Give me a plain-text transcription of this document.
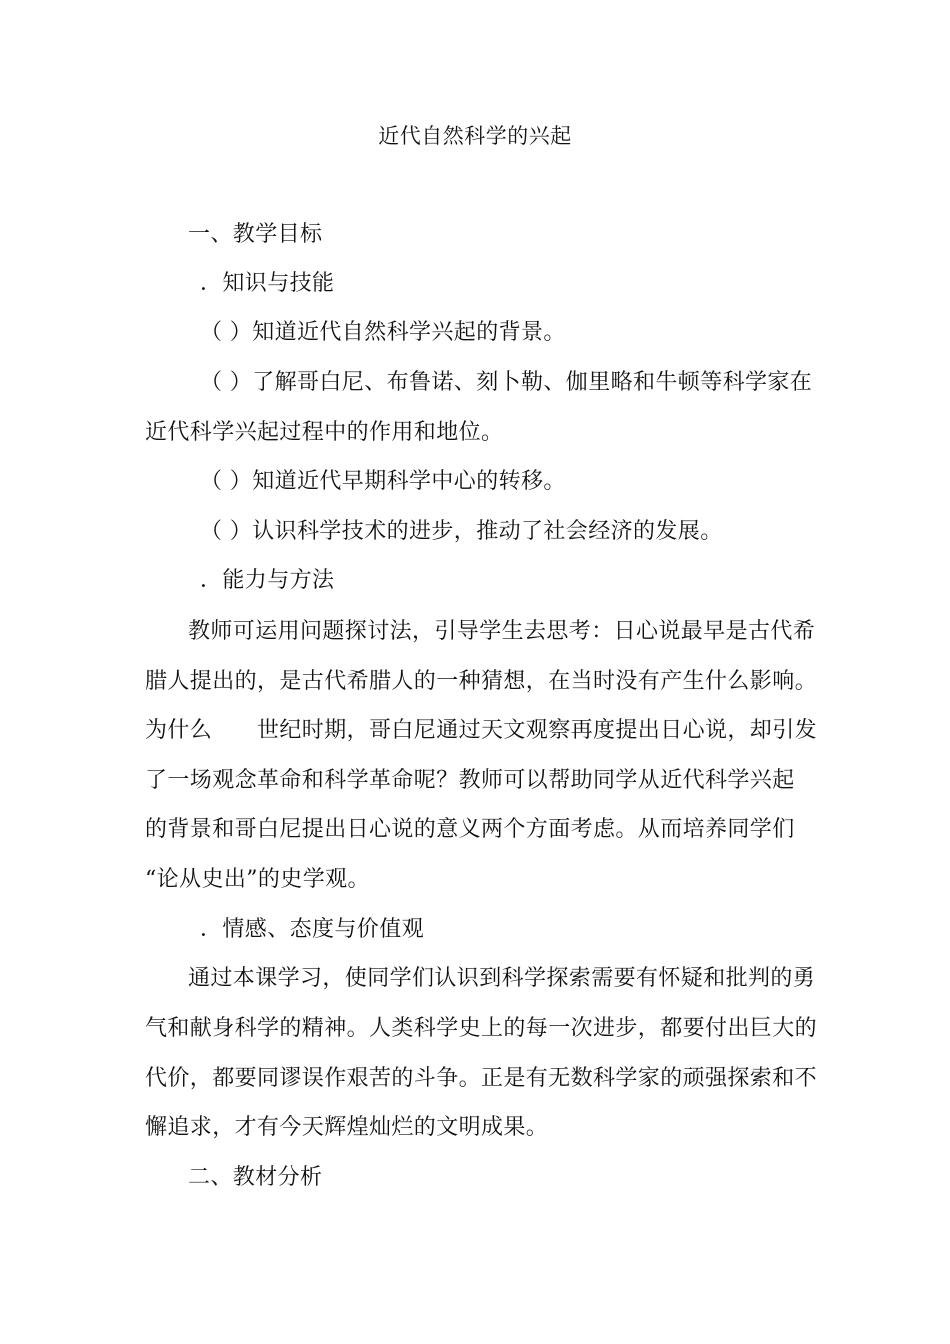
近代自然科学的兴起
一、教学目标
．知识与技能
（ ）知道近代自然科学兴起的背景。
（ ）了解哥白尼、布鲁诺、刻卜勒、伽里略和牛顿等科学家在
近代科学兴起过程中的作用和地位。
（ ）知道近代早期科学中心的转移。
（ ）认识科学技术的进步，推动了社会经济的发展。
．能力与方法
教师可运用问题探讨法，引导学生去思考：日心说最早是古代希
腊人提出的，是古代希腊人的一种猜想，在当时没有产生什么影响。
为什么　　世纪时期，哥白尼通过天文观察再度提出日心说，却引发
了一场观念革命和科学革命呢？教师可以帮助同学从近代科学兴起
的背景和哥白尼提出日心说的意义两个方面考虑。从而培养同学们
“论从史出”的史学观。
．情感、态度与价值观
通过本课学习，使同学们认识到科学探索需要有怀疑和批判的勇
气和献身科学的精神。人类科学史上的每一次进步，都要付出巨大的
代价，都要同谬误作艰苦的斗争。正是有无数科学家的顽强探索和不
懈追求，才有今天辉煌灿烂的文明成果。
二、教材分析
